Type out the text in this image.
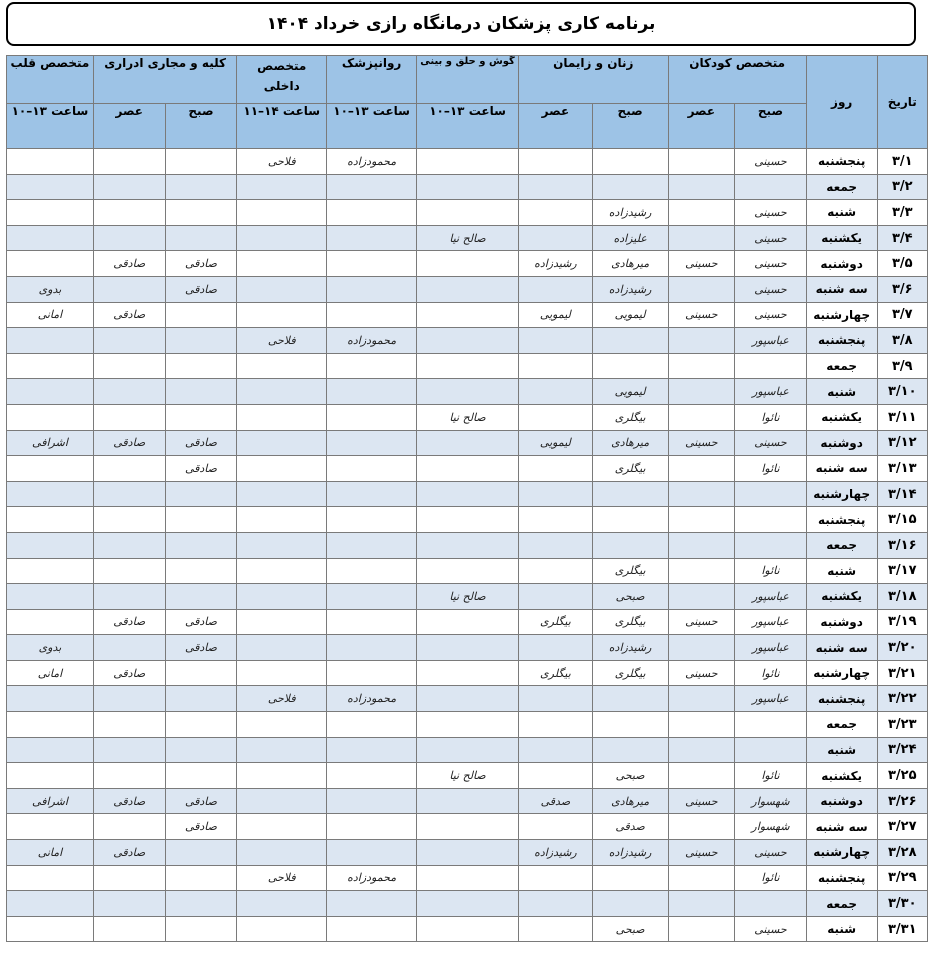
برنامه کاری پزشکان درمانگاه رازی خرداد ۱۴۰۴
تاریخ	روز	متخصص کودکان		زنان و زایمان		گوش و حلق و بینی	روانپزشک	متخصص داخلی	کلیه و مجاری ادراری		متخصص قلب
		صبح	عصر	صبح	عصر	ساعت ۱۳–۱۰	ساعت ۱۳–۱۰	ساعت ۱۴–۱۱	صبح	عصر	ساعت ۱۳–۱۰
۳/۱	پنجشنبه	حسینی					محمودزاده	فلاحی			
۳/۲	جمعه										
۳/۳	شنبه	حسینی		رشیدزاده							
۳/۴	یکشنبه	حسینی		علیزاده		صالح نیا					
۳/۵	دوشنبه	حسینی	حسینی	میرهادی	رشیدزاده				صادقی	صادقی	
۳/۶	سه شنبه	حسینی		رشیدزاده					صادقی		بدوی
۳/۷	چهارشنبه	حسینی	حسینی	لیمویی	لیمویی					صادقی	امانی
۳/۸	پنجشنبه	عباسپور					محمودزاده	فلاحی			
۳/۹	جمعه										
۳/۱۰	شنبه	عباسپور		لیمویی							
۳/۱۱	یکشنبه	نائوا		بیگلری		صالح نیا					
۳/۱۲	دوشنبه	حسینی	حسینی	میرهادی	لیمویی				صادقی	صادقی	اشرافی
۳/۱۳	سه شنبه	نائوا		بیگلری					صادقی		
۳/۱۴	چهارشنبه										
۳/۱۵	پنجشنبه										
۳/۱۶	جمعه										
۳/۱۷	شنبه	نائوا		بیگلری							
۳/۱۸	یکشنبه	عباسپور		صبحی		صالح نیا					
۳/۱۹	دوشنبه	عباسپور	حسینی	بیگلری	بیگلری				صادقی	صادقی	
۳/۲۰	سه شنبه	عباسپور		رشیدزاده					صادقی		بدوی
۳/۲۱	چهارشنبه	نائوا	حسینی	بیگلری	بیگلری					صادقی	امانی
۳/۲۲	پنجشنبه	عباسپور					محمودزاده	فلاحی			
۳/۲۳	جمعه										
۳/۲۴	شنبه										
۳/۲۵	یکشنبه	نائوا		صبحی		صالح نیا					
۳/۲۶	دوشنبه	شهسوار	حسینی	میرهادی	صدقی				صادقی	صادقی	اشرافی
۳/۲۷	سه شنبه	شهسوار		صدقی					صادقی		
۳/۲۸	چهارشنبه	حسینی	حسینی	رشیدزاده	رشیدزاده					صادقی	امانی
۳/۲۹	پنجشنبه	نائوا					محمودزاده	فلاحی			
۳/۳۰	جمعه										
۳/۳۱	شنبه	حسینی		صبحی							
